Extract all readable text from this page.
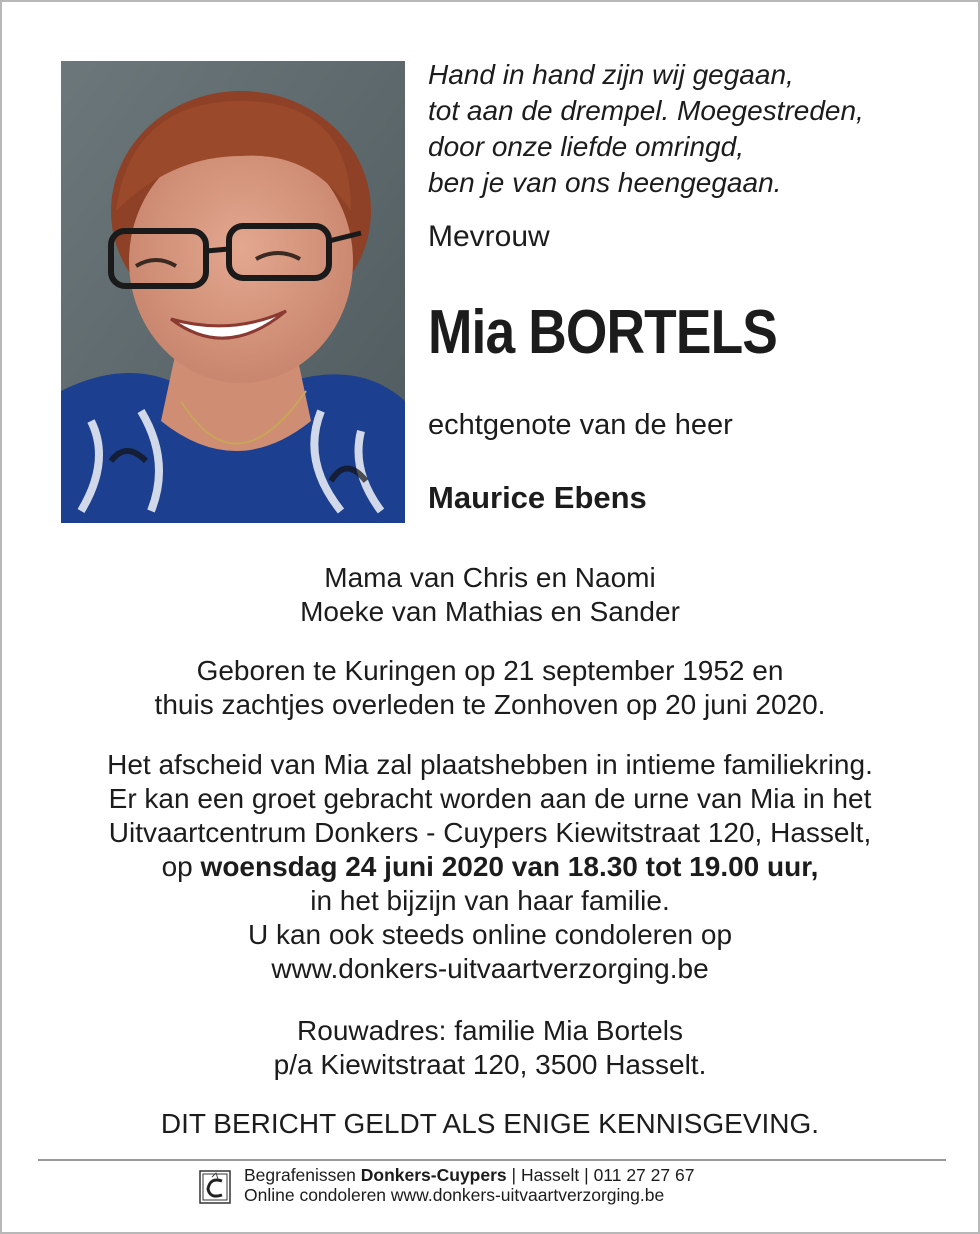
Hand in hand zijn wij gegaan,
tot aan de drempel. Moegestreden,
door onze liefde omringd,
ben je van ons heengegaan.
Mevrouw
Mia BORTELS
echtgenote van de heer
Maurice Ebens
Mama van Chris en Naomi
Moeke van Mathias en Sander
Geboren te Kuringen op 21 september 1952 en
thuis zachtjes overleden te Zonhoven op 20 juni 2020.
Het afscheid van Mia zal plaatshebben in intieme familiekring.
Er kan een groet gebracht worden aan de urne van Mia in het
Uitvaartcentrum Donkers - Cuypers Kiewitstraat 120, Hasselt,
op woensdag 24 juni 2020 van 18.30 tot 19.00 uur,
in het bijzijn van haar familie.
U kan ook steeds online condoleren op
www.donkers-uitvaartverzorging.be
Rouwadres: familie Mia Bortels
p/a Kiewitstraat 120, 3500 Hasselt.
DIT BERICHT GELDT ALS ENIGE KENNISGEVING.
Begrafenissen Donkers-Cuypers | Hasselt | 011 27 27 67
Online condoleren www.donkers-uitvaartverzorging.be
